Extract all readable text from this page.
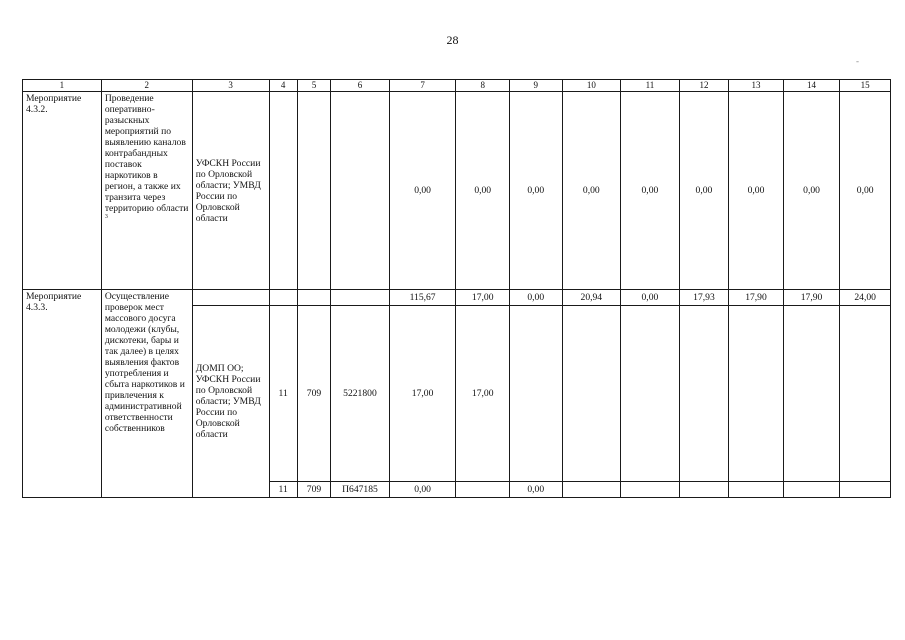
28
-
1	2	3	4	5	6	7	8	9	10	11	12	13	14	15
Мероприятие 4.3.2.	Проведение оперативно-разыскных мероприятий по выявлению каналов контрабандных поставок наркотиков в регион, а также их транзита через территорию области $^3$	УФСКН России по Орловской области; УМВД России по Орловской области				0,00	0,00	0,00	0,00	0,00	0,00	0,00	0,00	0,00
Мероприятие 4.3.3.	Осуществление проверок мест массового досуга молодежи (клубы, дискотеки, бары и так далее) в целях выявления фактов употребления и сбыта наркотиков и привлечения к административной ответственности собственников					115,67	17,00	0,00	20,94	0,00	17,93	17,90	17,90	24,00
		ДОМП ОО; УФСКН России по Орловской области; УМВД России по Орловской области	11	709	5221800	17,00	17,00							
			11	709	П647185	0,00		0,00						
